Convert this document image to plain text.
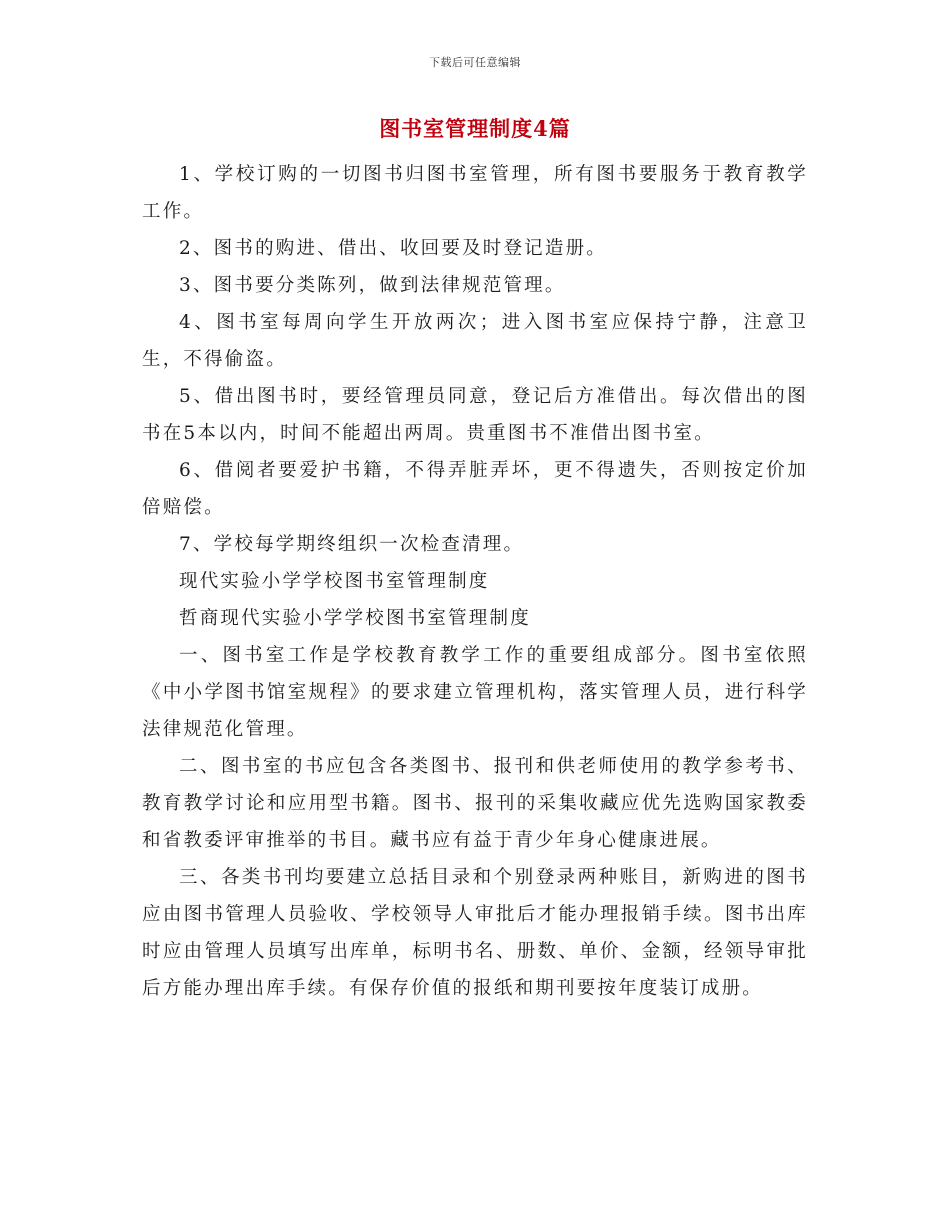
下载后可任意编辑
图书室管理制度4篇

1、学校订购的一切图书归图书室管理，所有图书要服务于教育教学工作。

2、图书的购进、借出、收回要及时登记造册。

3、图书要分类陈列，做到法律规范管理。

4、图书室每周向学生开放两次；进入图书室应保持宁静，注意卫生，不得偷盗。

5、借出图书时，要经管理员同意，登记后方准借出。每次借出的图书在5本以内，时间不能超出两周。贵重图书不准借出图书室。

6、借阅者要爱护书籍，不得弄脏弄坏，更不得遗失，否则按定价加倍赔偿。

7、学校每学期终组织一次检查清理。

现代实验小学学校图书室管理制度

哲商现代实验小学学校图书室管理制度

一、图书室工作是学校教育教学工作的重要组成部分。图书室依照《中小学图书馆室规程》的要求建立管理机构，落实管理人员，进行科学法律规范化管理。

二、图书室的书应包含各类图书、报刊和供老师使用的教学参考书、教育教学讨论和应用型书籍。图书、报刊的采集收藏应优先选购国家教委和省教委评审推举的书目。藏书应有益于青少年身心健康进展。

三、各类书刊均要建立总括目录和个别登录两种账目，新购进的图书应由图书管理人员验收、学校领导人审批后才能办理报销手续。图书出库时应由管理人员填写出库单，标明书名、册数、单价、金额，经领导审批后方能办理出库手续。有保存价值的报纸和期刊要按年度装订成册。
